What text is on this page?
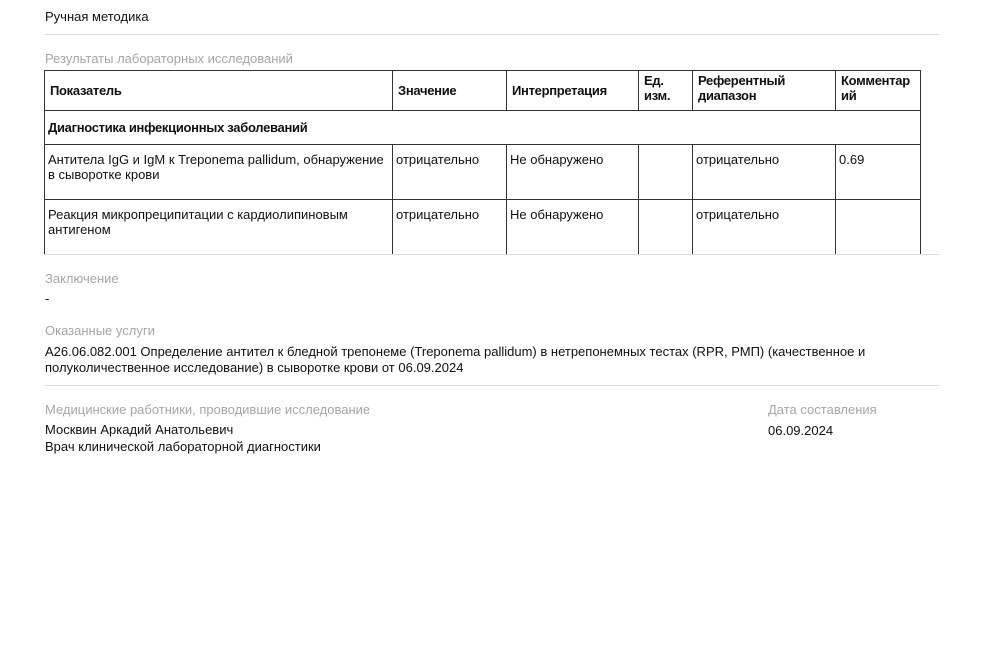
Ручная методика
Результаты лабораторных исследований
Показатель	Значение	Интерпретация	Ед. изм.	Референтный диапазон	Комментарий
Диагностика инфекционных заболеваний					
Антитела IgG и IgM к Treponema pallidum, обнаружение в сыворотке крови	отрицательно	Не обнаружено		отрицательно	0.69
Реакция микропреципитации с кардиолипиновым антигеном	отрицательно	Не обнаружено		отрицательно	
Заключение
-
Оказанные услуги
A26.06.082.001 Определение антител к бледной трепонеме (Treponema pallidum) в нетрепонемных тестах (RPR, РМП) (качественное и полуколичественное исследование) в сыворотке крови от 06.09.2024
Медицинские работники, проводившие исследование
Москвин Аркадий Анатольевич
Врач клинической лабораторной диагностики
Дата составления
06.09.2024
